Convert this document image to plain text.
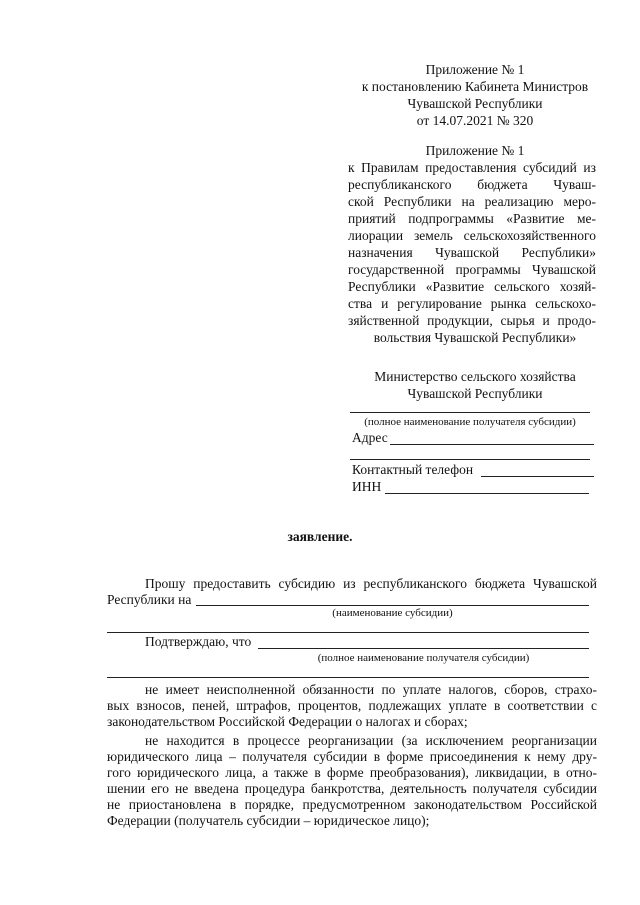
Приложение № 1
к постановлению Кабинета Министров
Чувашской Республики
от 14.07.2021 № 320
Приложение № 1
к Правилам предоставления субсидий из
республиканского бюджета Чуваш-
ской Республики на реализацию меро-
приятий подпрограммы «Развитие ме-
лиорации земель сельскохозяйственного
назначения Чувашской Республики»
государственной программы Чувашской
Республики «Развитие сельского хозяй-
ства и регулирование рынка сельскохо-
зяйственной продукции, сырья и продо-
вольствия Чувашской Республики»
Министерство сельского хозяйства
Чувашской Республики
(полное наименование получателя субсидии)
Адрес
Контактный телефон
ИНН
заявление.
Прошу предоставить субсидию из республиканского бюджета Чувашской
Республики на
(наименование субсидии)
Подтверждаю, что
(полное наименование получателя субсидии)
не имеет неисполненной обязанности по уплате налогов, сборов, страхо-
вых взносов, пеней, штрафов, процентов, подлежащих уплате в соответствии с
законодательством Российской Федерации о налогах и сборах;
не находится в процессе реорганизации (за исключением реорганизации
юридического лица – получателя субсидии в форме присоединения к нему дру-
гого юридического лица, а также в форме преобразования), ликвидации, в отно-
шении его не введена процедура банкротства, деятельность получателя субсидии
не приостановлена в порядке, предусмотренном законодательством Российской
Федерации (получатель субсидии – юридическое лицо);
